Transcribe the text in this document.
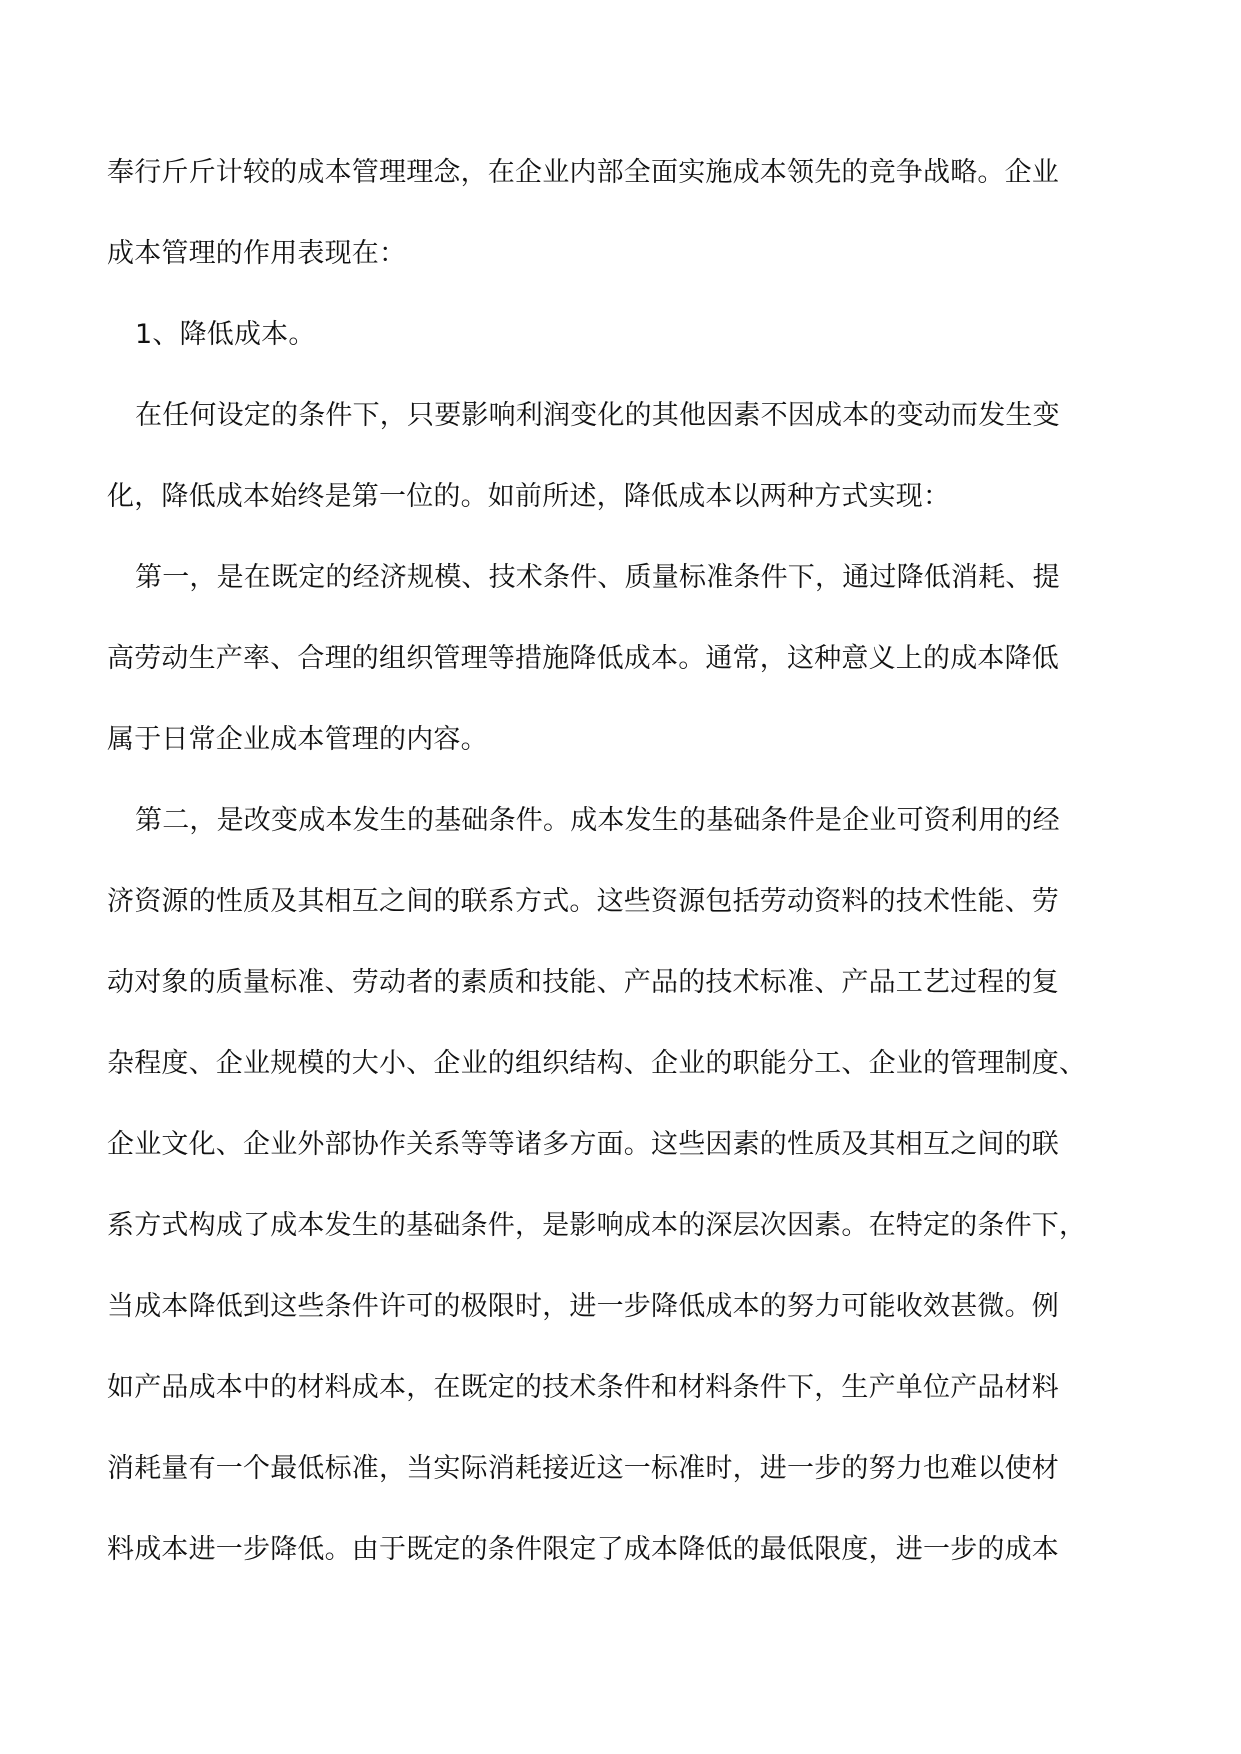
奉行斤斤计较的成本管理理念，在企业内部全面实施成本领先的竞争战略。企业
成本管理的作用表现在：
1、降低成本。
在任何设定的条件下，只要影响利润变化的其他因素不因成本的变动而发生变
化，降低成本始终是第一位的。如前所述，降低成本以两种方式实现：
第一，是在既定的经济规模、技术条件、质量标准条件下，通过降低消耗、提
高劳动生产率、合理的组织管理等措施降低成本。通常，这种意义上的成本降低
属于日常企业成本管理的内容。
第二，是改变成本发生的基础条件。成本发生的基础条件是企业可资利用的经
济资源的性质及其相互之间的联系方式。这些资源包括劳动资料的技术性能、劳
动对象的质量标准、劳动者的素质和技能、产品的技术标准、产品工艺过程的复
杂程度、企业规模的大小、企业的组织结构、企业的职能分工、企业的管理制度、
企业文化、企业外部协作关系等等诸多方面。这些因素的性质及其相互之间的联
系方式构成了成本发生的基础条件，是影响成本的深层次因素。在特定的条件下，
当成本降低到这些条件许可的极限时，进一步降低成本的努力可能收效甚微。例
如产品成本中的材料成本，在既定的技术条件和材料条件下，生产单位产品材料
消耗量有一个最低标准，当实际消耗接近这一标准时，进一步的努力也难以使材
料成本进一步降低。由于既定的条件限定了成本降低的最低限度，进一步的成本
